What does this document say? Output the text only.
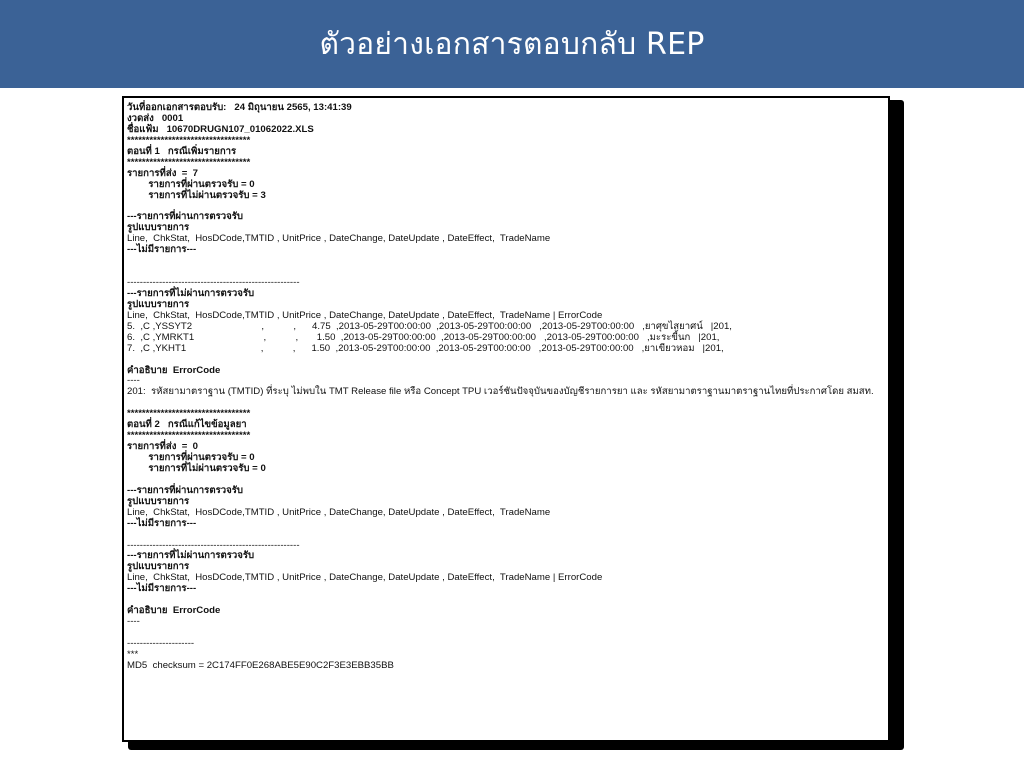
ตัวอย่างเอกสารตอบกลับ REP
วันที่ออกเอกสารตอบรับ:   24 มิถุนายน 2565, 13:41:39
งวดส่ง   0001
ชื่อแฟ้ม   10670DRUGN107_01062022.XLS
*********************************
ตอนที่ 1   กรณีเพิ่มรายการ
*********************************
รายการที่ส่ง  =  7
รายการที่ผ่านตรวจรับ = 0
รายการที่ไม่ผ่านตรวจรับ = 3
---รายการที่ผ่านการตรวจรับ
รูปแบบรายการ
Line,  ChkStat,  HosDCode,TMTID , UnitPrice , DateChange, DateUpdate , DateEffect,  TradeName
---ไม่มีรายการ---
------------------------------------------------------
---รายการที่ไม่ผ่านการตรวจรับ
รูปแบบรายการ
Line,  ChkStat,  HosDCode,TMTID , UnitPrice , DateChange, DateUpdate , DateEffect,  TradeName | ErrorCode
5.  ,C ,YSSYT2                          ,           ,      4.75  ,2013-05-29T00:00:00  ,2013-05-29T00:00:00   ,2013-05-29T00:00:00   ,ยาศุขไสยาศน์   |201,
6.  ,C ,YMRKT1                          ,           ,       1.50  ,2013-05-29T00:00:00  ,2013-05-29T00:00:00   ,2013-05-29T00:00:00   ,มะระขี้นก   |201,
7.  ,C ,YKHT1                            ,           ,      1.50  ,2013-05-29T00:00:00  ,2013-05-29T00:00:00   ,2013-05-29T00:00:00   ,ยาเขียวหอม   |201,
คำอธิบาย  ErrorCode
----
201:  รหัสยามาตราฐาน (TMTID) ที่ระบุ ไม่พบใน TMT Release file หรือ Concept TPU เวอร์ชันปัจจุบันของบัญชีรายการยา และ รหัสยามาตราฐานมาตราฐานไทยที่ประกาศโดย สมสท.
*********************************
ตอนที่ 2   กรณีแก้ไขข้อมูลยา
*********************************
รายการที่ส่ง  =  0
รายการที่ผ่านตรวจรับ = 0
รายการที่ไม่ผ่านตรวจรับ = 0
---รายการที่ผ่านการตรวจรับ
รูปแบบรายการ
Line,  ChkStat,  HosDCode,TMTID , UnitPrice , DateChange, DateUpdate , DateEffect,  TradeName
---ไม่มีรายการ---
------------------------------------------------------
---รายการที่ไม่ผ่านการตรวจรับ
รูปแบบรายการ
Line,  ChkStat,  HosDCode,TMTID , UnitPrice , DateChange, DateUpdate , DateEffect,  TradeName | ErrorCode
---ไม่มีรายการ---
คำอธิบาย  ErrorCode
----
---------------------
***
MD5  checksum = 2C174FF0E268ABE5E90C2F3E3EBB35BB
